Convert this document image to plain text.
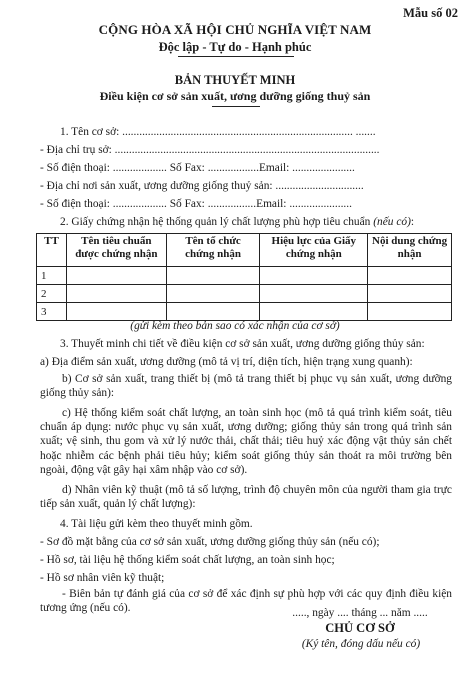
Mẫu số 02
CỘNG HÒA XÃ HỘI CHỦ NGHĨA VIỆT NAM
Độc lập - Tự do - Hạnh phúc
BẢN THUYẾT MINH
Điều kiện cơ sở sản xuất, ương dưỡng giống thuỷ sản
1. Tên cơ sở: ................................................................................. .......
- Địa chỉ trụ sở: .............................................................................................
- Số điện thoại: ................... Số Fax: ..................Email: ......................
- Địa chỉ nơi sản xuất, ương dưỡng giống thuỷ sản: ...............................
- Số điện thoại: ................... Số Fax: .................Email: ......................
2. Giấy chứng nhận hệ thống quản lý chất lượng phù hợp tiêu chuẩn (nếu có):
TT	Tên tiêu chuẩn được chứng nhận	Tên tổ chức chứng nhận	Hiệu lực của Giấy chứng nhận	Nội dung chứng nhận
1				
2				
3				
(gửi kèm theo bản sao có xác nhận của cơ sở)
3. Thuyết minh chi tiết về điều kiện cơ sở sản xuất, ương dưỡng giống thủy sản:
a) Địa điểm sản xuất, ương dưỡng (mô tả vị trí, diện tích, hiện trạng xung quanh):
b) Cơ sở sản xuất, trang thiết bị (mô tả trang thiết bị phục vụ sản xuất, ương dưỡng giống thủy sản):
c) Hệ thống kiểm soát chất lượng, an toàn sinh học (mô tả quá trình kiểm soát, tiêu chuẩn áp dụng: nước phục vụ sản xuất, ương dưỡng; giống thủy sản trong quá trình sản xuất; vệ sinh, thu gom và xử lý nước thải, chất thải; tiêu huỷ xác động vật thủy sản chết hoặc nhiễm các bệnh phải tiêu hủy; kiểm soát giống thủy sản thoát ra môi trường bên ngoài, động vật gây hại xâm nhập vào cơ sở).
d) Nhân viên kỹ thuật (mô tả số lượng, trình độ chuyên môn của người tham gia trực tiếp sản xuất, quản lý chất lượng):
4. Tài liệu gửi kèm theo thuyết minh gồm.
- Sơ đồ mặt bằng của cơ sở sản xuất, ương dưỡng giống thủy sản (nếu có);
- Hồ sơ, tài liệu hệ thống kiểm soát chất lượng, an toàn sinh học;
- Hồ sơ nhân viên kỹ thuật;
- Biên bản tự đánh giá của cơ sở để xác định sự phù hợp với các quy định điều kiện tương ứng (nếu có).	....., ngày .... tháng ... năm .....
CHỦ CƠ SỞ
(Ký tên, đóng dấu nếu có)
